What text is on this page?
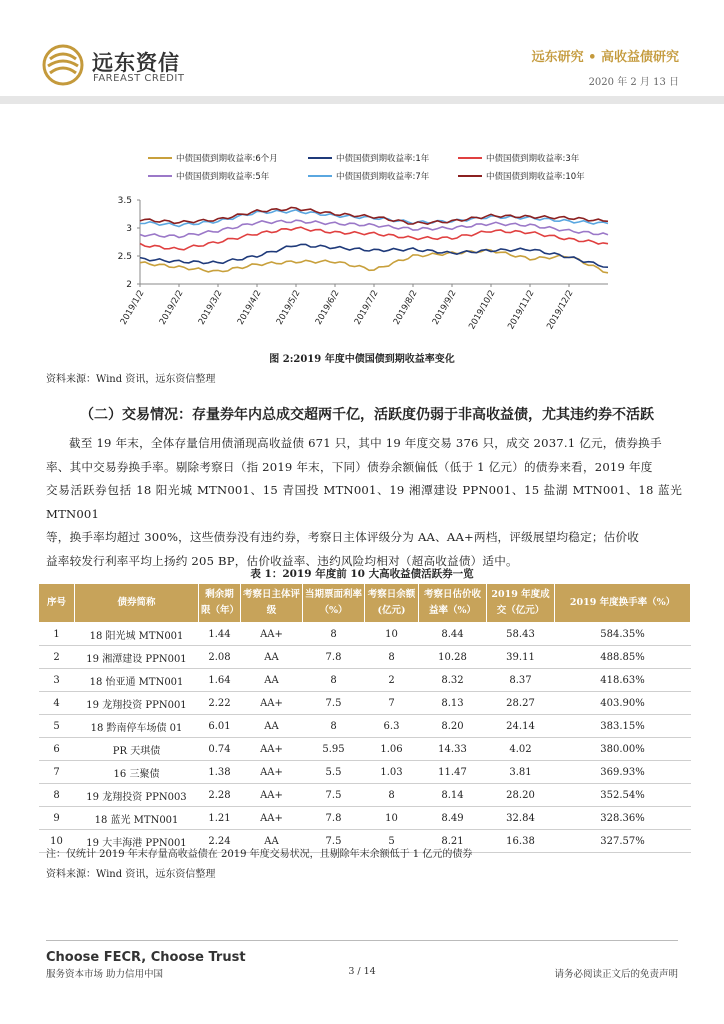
远东资信
FAREAST CREDIT
远东研究 • 高收益债研究
2020 年 2 月 13 日
中债国债到期收益率:6个月	中债国债到期收益率:1年	中债国债到期收益率:3年
中债国债到期收益率:5年	中债国债到期收益率:7年	中债国债到期收益率:10年
3.5
3
2.5
2
2019/1/2 2019/2/2 2019/3/2 2019/4/2 2019/5/2 2019/6/2 2019/7/2 2019/8/2 2019/9/2 2019/10/2 2019/11/2 2019/12/2
图 2:2019 年度中债国债到期收益率变化
资料来源：Wind 资讯，远东资信整理
（二）交易情况：存量券年内总成交超两千亿，活跃度仍弱于非高收益债，尤其违约券不活跃
截至 19 年末，全体存量信用债涌现高收益债 671 只，其中 19 年度交易 376 只，成交 2037.1 亿元，债券换手
率、其中交易券换手率。剔除考察日（指 2019 年末，下同）债券余额偏低（低于 1 亿元）的债券来看，2019 年度
交易活跃券包括 18 阳光城 MTN001、15 青国投 MTN001、19 湘潭建设 PPN001、15 盐湖 MTN001、18 蓝光 MTN001
等，换手率均超过 300%，这些债券没有违约券，考察日主体评级分为 AA、AA+两档，评级展望均稳定；估价收
益率较发行利率平均上扬约 205 BP，估价收益率、违约风险均相对（超高收益债）适中。
表 1：2019 年度前 10 大高收益债活跃券一览
序号	债券简称	剩余期限（年）	考察日主体评级	当期票面利率（%）	考察日余额(亿元)	考察日估价收益率（%）	2019 年度成交（亿元）	2019 年度换手率（%）
1	18 阳光城 MTN001	1.44	AA+	8	10	8.44	58.43	584.35%
2	19 湘潭建设 PPN001	2.08	AA	7.8	8	10.28	39.11	488.85%
3	18 怡亚通 MTN001	1.64	AA	8	2	8.32	8.37	418.63%
4	19 龙翔投资 PPN001	2.22	AA+	7.5	7	8.13	28.27	403.90%
5	18 黔南停车场债 01	6.01	AA	8	6.3	8.20	24.14	383.15%
6	PR 天琪债	0.74	AA+	5.95	1.06	14.33	4.02	380.00%
7	16 三聚债	1.38	AA+	5.5	1.03	11.47	3.81	369.93%
8	19 龙翔投资 PPN003	2.28	AA+	7.5	8	8.14	28.20	352.54%
9	18 蓝光 MTN001	1.21	AA+	7.8	10	8.49	32.84	328.36%
10	19 大丰海港 PPN001	2.24	AA	7.5	5	8.21	16.38	327.57%
注：仅统计 2019 年末存量高收益债在 2019 年度交易状况，且剔除年末余额低于 1 亿元的债券
资料来源：Wind 资讯，远东资信整理
Choose FECR, Choose Trust
服务资本市场 助力信用中国	3 / 14	请务必阅读正文后的免责声明
